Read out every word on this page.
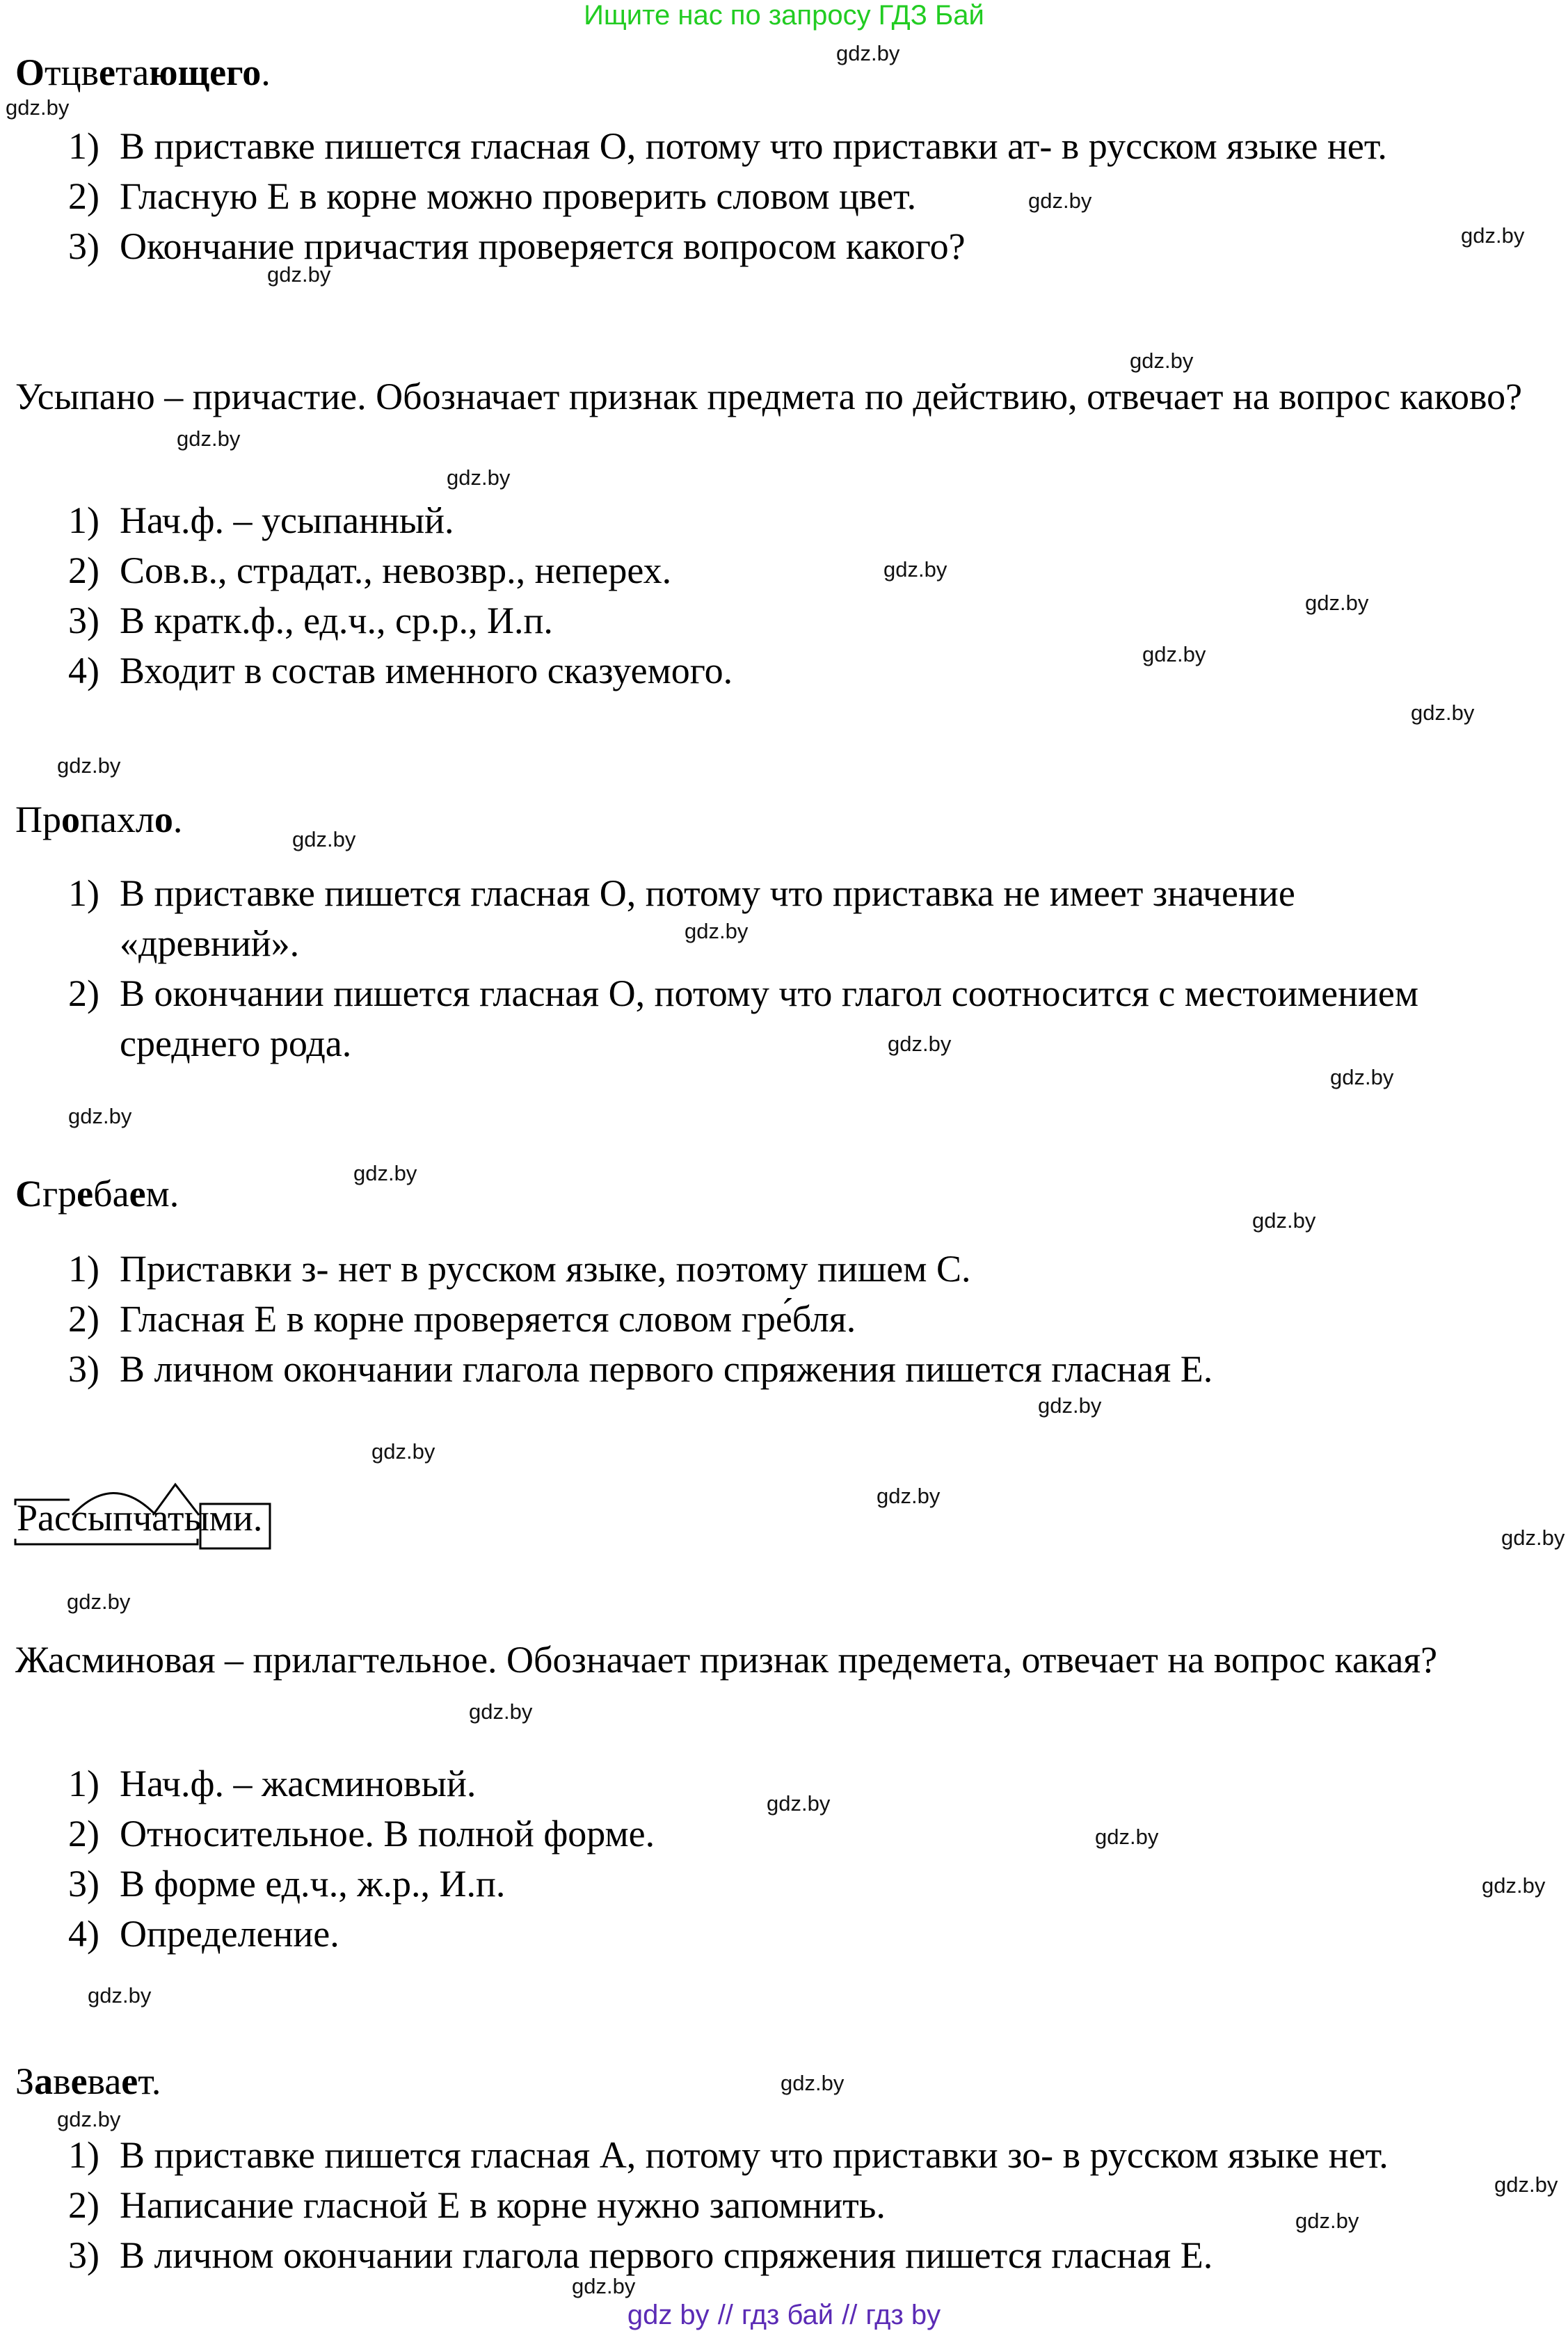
Ищите нас по запросу ГДЗ Бай
Отцветающего.
1) В приставке пишется гласная О, потому что приставки ат- в русском языке нет.
2) Гласную Е в корне можно проверить словом цвет.
3) Окончание причастия проверяется вопросом какого?
Усыпано – причастие. Обозначает признак предмета по действию, отвечает на вопрос каково?
1) Нач.ф. – усыпанный.
2) Сов.в., страдат., невозвр., неперех.
3) В кратк.ф., ед.ч., ср.р., И.п.
4) Входит в состав именного сказуемого.
Пропахло.
1) В приставке пишется гласная О, потому что приставка не имеет значение
«древний».
2) В окончании пишется гласная О, потому что глагол соотносится с местоимением
среднего рода.
Сгребаем.
1) Приставки з- нет в русском языке, поэтому пишем С.
2) Гласная Е в корне проверяется словом гре́бля.
3) В личном окончании глагола первого спряжения пишется гласная Е.
Рассыпчатыми.
Жасминовая – прилагтельное. Обозначает признак предемета, отвечает на вопрос какая?
1) Нач.ф. – жасминовый.
2) Относительное. В полной форме.
3) В форме ед.ч., ж.р., И.п.
4) Определение.
Завевает.
1) В приставке пишется гласная А, потому что приставки зо- в русском языке нет.
2) Написание гласной Е в корне нужно запомнить.
3) В личном окончании глагола первого спряжения пишется гласная Е.
gdz.by
gdz.by
gdz.by
gdz.by
gdz.by
gdz.by
gdz.by
gdz.by
gdz.by
gdz.by
gdz.by
gdz.by
gdz.by
gdz.by
gdz.by
gdz.by
gdz.by
gdz.by
gdz.by
gdz.by
gdz.by
gdz.by
gdz.by
gdz.by
gdz.by
gdz.by
gdz.by
gdz.by
gdz.by
gdz.by
gdz.by
gdz.by
gdz.by
gdz.by
gdz.by
gdz by // гдз бай // гдз by
